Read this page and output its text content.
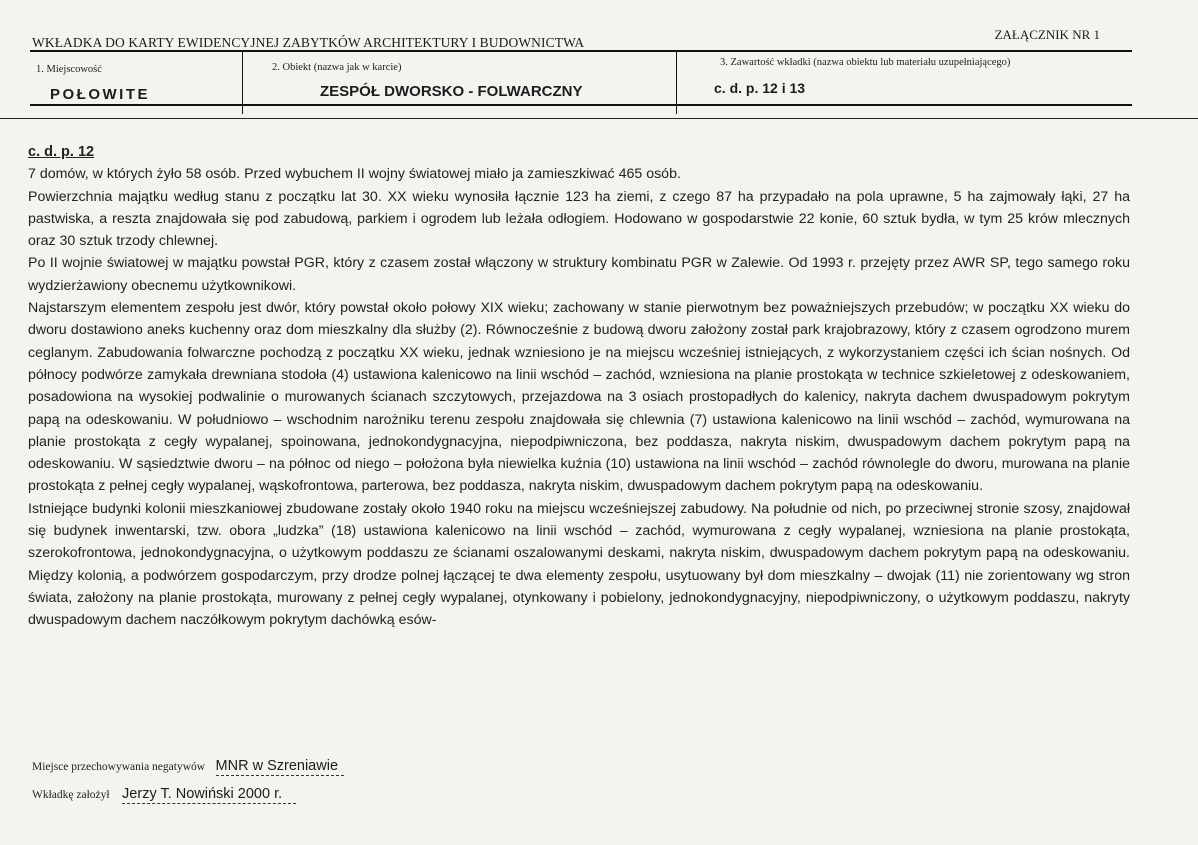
WKŁADKA DO KARTY EWIDENCYJNEJ ZABYTKÓW ARCHITEKTURY I BUDOWNICTWA
ZAŁĄCZNIK NR 1
1. Miejscowość	2. Obiekt (nazwa jak w karcie)	3. Zawartość wkładki (nazwa obiektu lub materiału uzupełniającego)
POŁOWITE	ZESPÓŁ DWORSKO - FOLWARCZNY	c. d. p. 12 i 13
c. d. p. 12

7 domów, w których żyło 58 osób. Przed wybuchem II wojny światowej miało ja zamieszkiwać 465 osób.

Powierzchnia majątku według stanu z początku lat 30. XX wieku wynosiła łącznie 123 ha ziemi, z czego 87 ha przypadało na pola uprawne, 5 ha zajmowały łąki, 27 ha pastwiska, a reszta znajdowała się pod zabudową, parkiem i ogrodem lub leżała odłogiem. Hodowano w gospodarstwie 22 konie, 60 sztuk bydła, w tym 25 krów mlecznych oraz 30 sztuk trzody chlewnej.

Po II wojnie światowej w majątku powstał PGR, który z czasem został włączony w struktury kombinatu PGR w Zalewie. Od 1993 r. przejęty przez AWR SP, tego samego roku wydzierżawiony obecnemu użytkownikowi.

Najstarszym elementem zespołu jest dwór, który powstał około połowy XIX wieku; zachowany w stanie pierwotnym bez poważniejszych przebudów; w początku XX wieku do dworu dostawiono aneks kuchenny oraz dom mieszkalny dla służby (2). Równocześnie z budową dworu założony został park krajobrazowy, który z czasem ogrodzono murem ceglanym. Zabudowania folwarczne pochodzą z początku XX wieku, jednak wzniesiono je na miejscu wcześniej istniejących, z wykorzystaniem części ich ścian nośnych. Od północy podwórze zamykała drewniana stodoła (4) ustawiona kalenicowo na linii wschód – zachód, wzniesiona na planie prostokąta w technice szkieletowej z odeskowaniem, posadowiona na wysokiej podwalinie o murowanych ścianach szczytowych, przejazdowa na 3 osiach prostopadłych do kalenicy, nakryta dachem dwuspadowym pokrytym papą na odeskowaniu. W południowo – wschodnim narożniku terenu zespołu znajdowała się chlewnia (7) ustawiona kalenicowo na linii wschód – zachód, wymurowana na planie prostokąta z cegły wypalanej, spoinowana, jednokondygnacyjna, niepodpiwniczona, bez poddasza, nakryta niskim, dwuspadowym dachem pokrytym papą na odeskowaniu. W sąsiedztwie dworu – na północ od niego – położona była niewielka kuźnia (10) ustawiona na linii wschód – zachód równolegle do dworu, murowana na planie prostokąta z pełnej cegły wypalanej, wąskofrontowa, parterowa, bez poddasza, nakryta niskim, dwuspadowym dachem pokrytym papą na odeskowaniu.

Istniejące budynki kolonii mieszkaniowej zbudowane zostały około 1940 roku na miejscu wcześniejszej zabudowy. Na południe od nich, po przeciwnej stronie szosy, znajdował się budynek inwentarski, tzw. obora „ludzka” (18) ustawiona kalenicowo na linii wschód – zachód, wymurowana z cegły wypalanej, wzniesiona na planie prostokąta, szerokofrontowa, jednokondygnacyjna, o użytkowym poddaszu ze ścianami oszalowanymi deskami, nakryta niskim, dwuspadowym dachem pokrytym papą na odeskowaniu. Między kolonią, a podwórzem gospodarczym, przy drodze polnej łączącej te dwa elementy zespołu, usytuowany był dom mieszkalny – dwojak (11) nie zorientowany wg stron świata, założony na planie prostokąta, murowany z pełnej cegły wypalanej, otynkowany i pobielony, jednokondygnacyjny, niepodpiwniczony, o użytkowym poddaszu, nakryty dwuspadowym dachem naczółkowym pokrytym dachówką esów-

Miejsce przechowywania negatywów MNR w Szreniawie
Wkładkę założył Jerzy T. Nowiński 2000 r.
